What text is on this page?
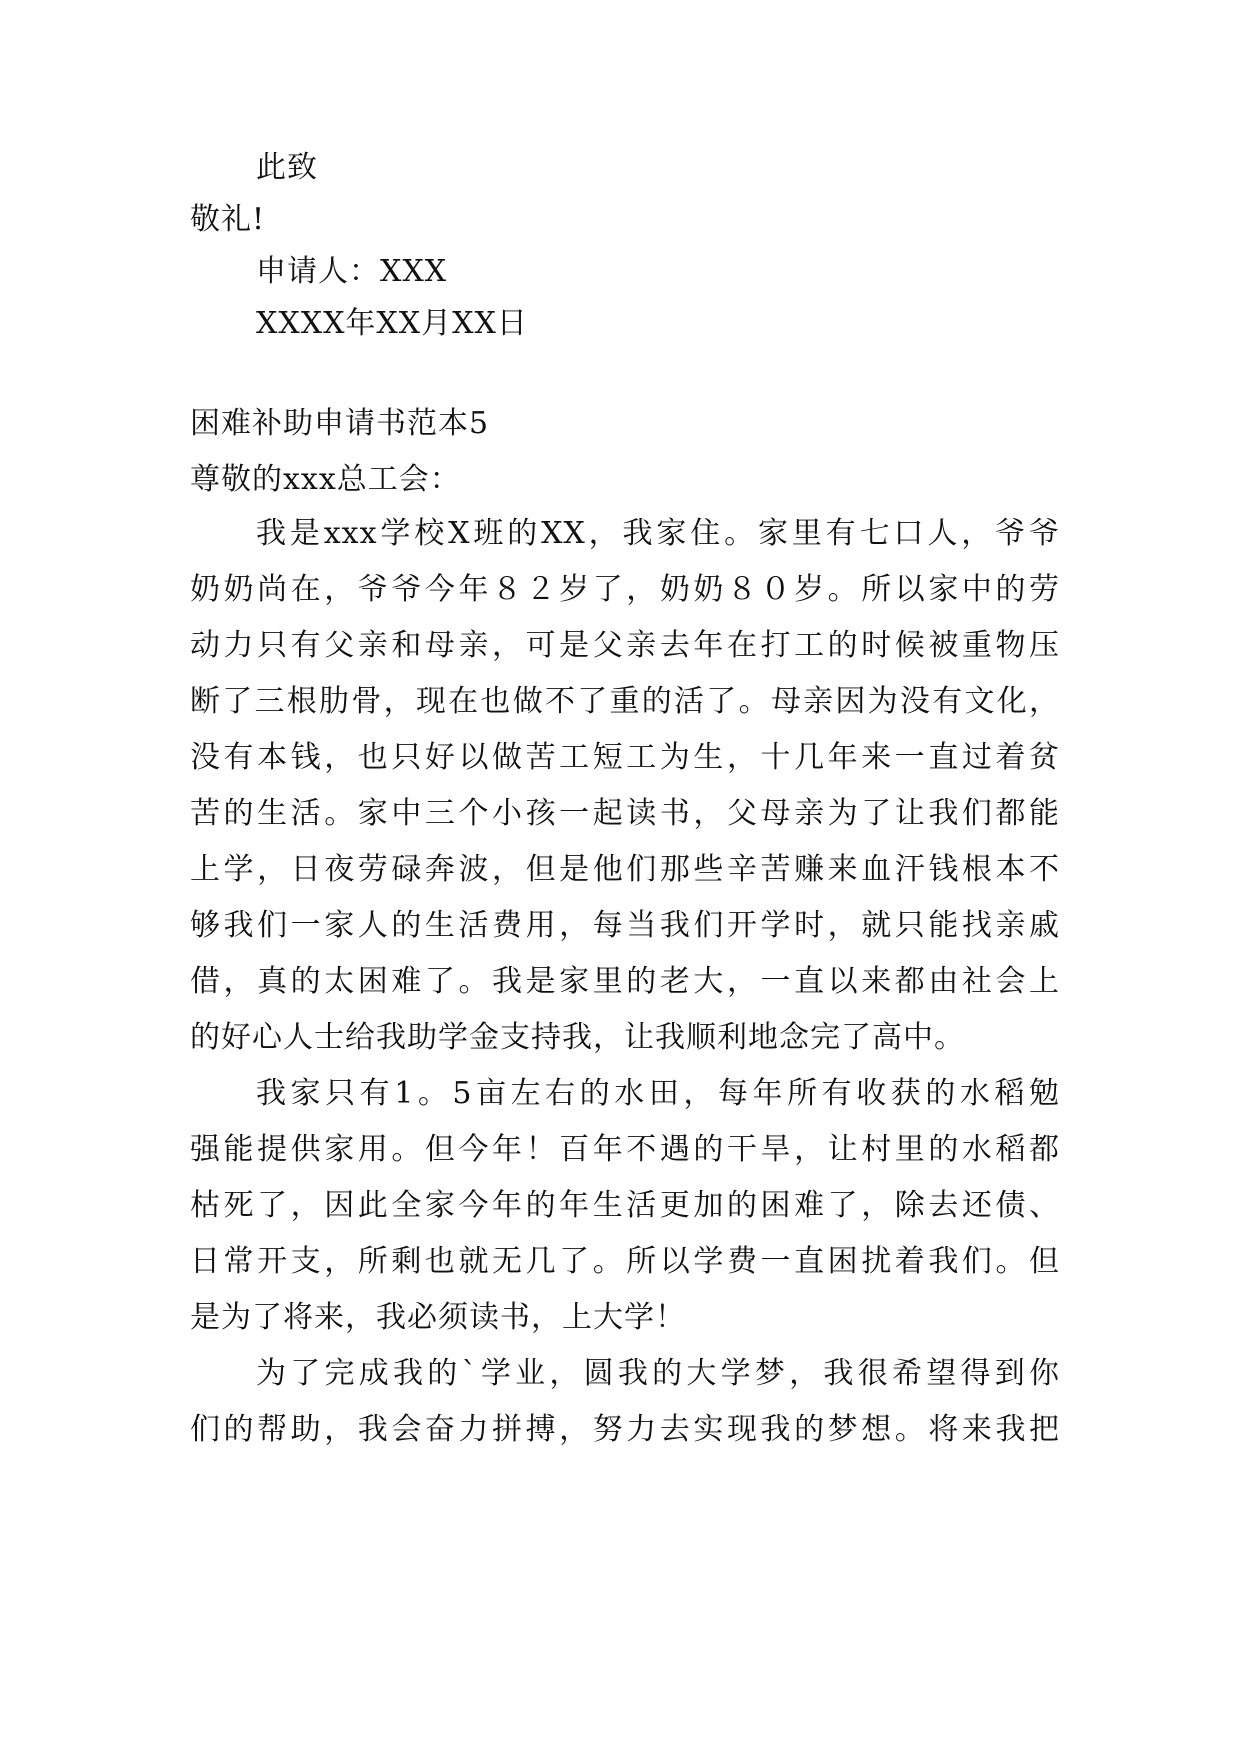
此致
敬礼!
申请人：XXX
XXXX年XX月XX日
困难补助申请书范本5
尊敬的xxx总工会：
我是xxx学校X班的XX，我家住。家里有七口人，爷爷
奶奶尚在，爷爷今年８２岁了，奶奶８０岁。所以家中的劳
动力只有父亲和母亲，可是父亲去年在打工的时候被重物压
断了三根肋骨，现在也做不了重的活了。母亲因为没有文化，
没有本钱，也只好以做苦工短工为生，十几年来一直过着贫
苦的生活。家中三个小孩一起读书，父母亲为了让我们都能
上学，日夜劳碌奔波，但是他们那些辛苦赚来血汗钱根本不
够我们一家人的生活费用，每当我们开学时，就只能找亲戚
借，真的太困难了。我是家里的老大，一直以来都由社会上
的好心人士给我助学金支持我，让我顺利地念完了高中。
我家只有1。5亩左右的水田，每年所有收获的水稻勉
强能提供家用。但今年！百年不遇的干旱，让村里的水稻都
枯死了，因此全家今年的年生活更加的困难了，除去还债、
日常开支，所剩也就无几了。所以学费一直困扰着我们。但
是为了将来，我必须读书，上大学！
为了完成我的`学业，圆我的大学梦，我很希望得到你
们的帮助，我会奋力拼搏，努力去实现我的梦想。将来我把
